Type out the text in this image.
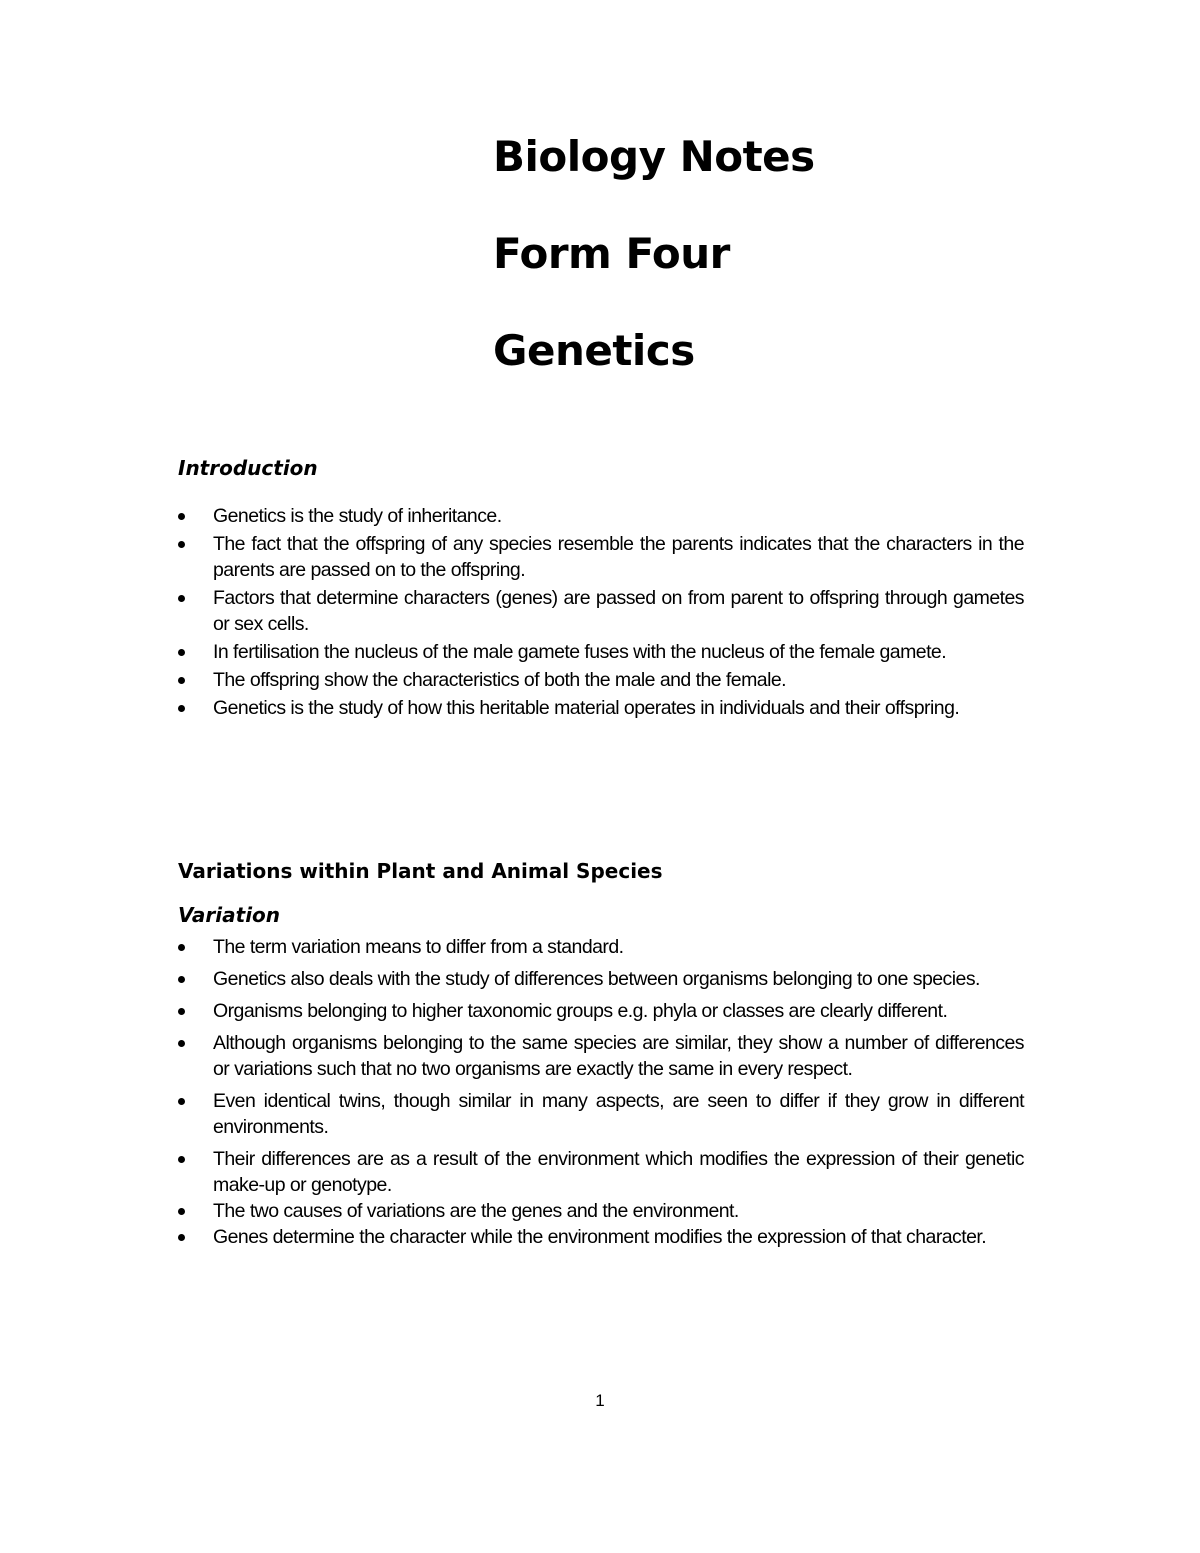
Biology Notes
Form Four
Genetics
Introduction
Genetics is the study of inheritance.
The fact that the offspring of any species resemble the parents indicates that the characters in the parents are passed on to the offspring.
Factors that determine characters (genes) are passed on from parent to offspring through gametes or sex cells.
In fertilisation the nucleus of the male gamete fuses with the nucleus of the female gamete.
The offspring show the characteristics of both the male and the female.
Genetics is the study of how this heritable material operates in individuals and their offspring.
Variations within Plant and Animal Species
Variation
The term variation means to differ from a standard.
Genetics also deals with the study of differences between organisms belonging to one species.
Organisms belonging to higher taxonomic groups e.g. phyla or classes are clearly different.
Although organisms belonging to the same species are similar, they show a number of differences or variations such that no two organisms are exactly the same in every respect.
Even identical twins, though similar in many aspects, are seen to differ if they grow in different environments.
Their differences are as a result of the environment which modifies the expression of their genetic make-up or genotype.
The two causes of variations are the genes and the environment.
Genes determine the character while the environment modifies the expression of that character.
1
